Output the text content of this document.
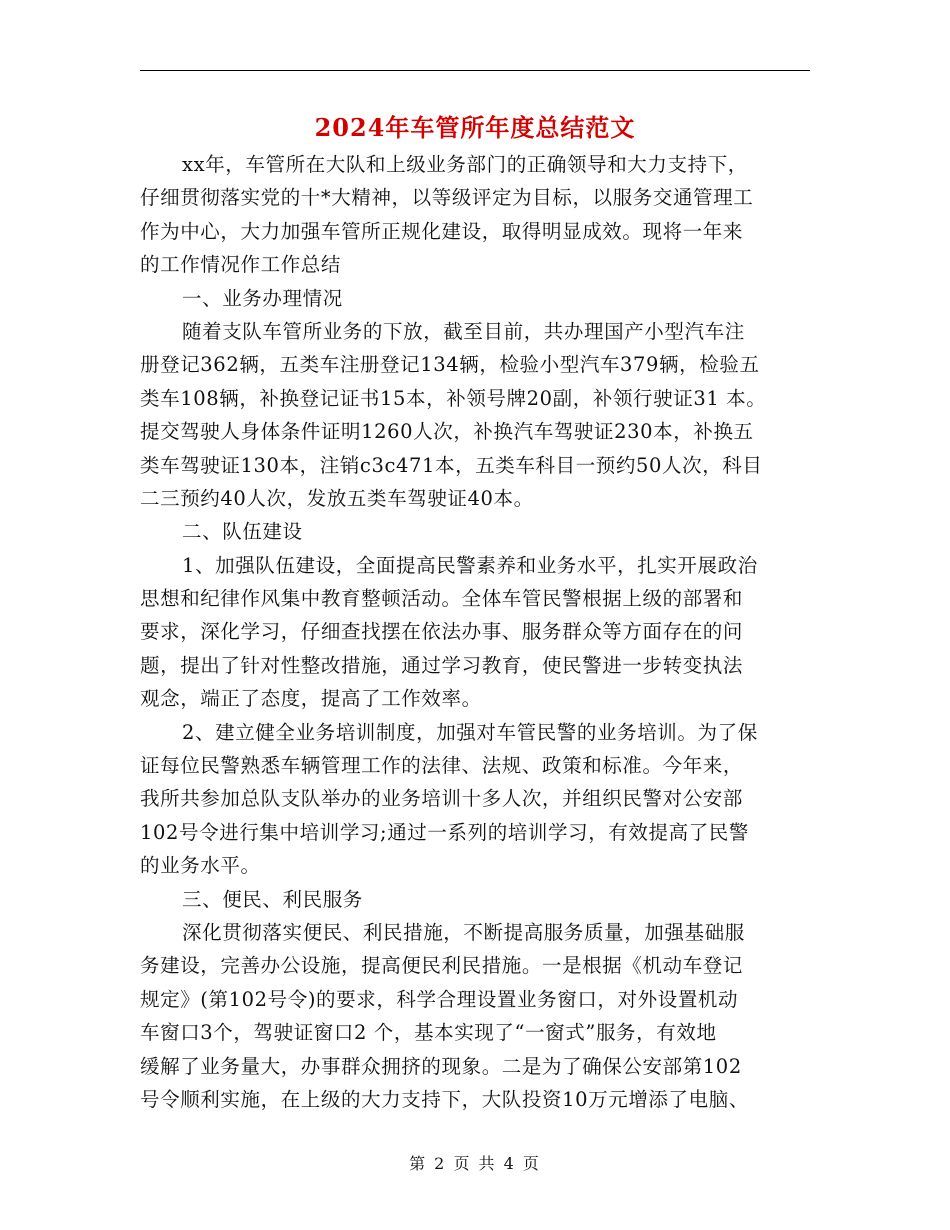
2024年车管所年度总结范文
xx年，车管所在大队和上级业务部门的正确领导和大力支持下，
仔细贯彻落实党的十*大精神，以等级评定为目标，以服务交通管理工
作为中心，大力加强车管所正规化建设，取得明显成效。现将一年来
的工作情况作工作总结
一、业务办理情况
随着支队车管所业务的下放，截至目前，共办理国产小型汽车注
册登记362辆，五类车注册登记134辆，检验小型汽车379辆，检验五
类车108辆，补换登记证书15本，补领号牌20副，补领行驶证31 本。
提交驾驶人身体条件证明1260人次，补换汽车驾驶证230本，补换五
类车驾驶证130本，注销c3c471本，五类车科目一预约50人次，科目
二三预约40人次，发放五类车驾驶证40本。
二、队伍建设
1、加强队伍建设，全面提高民警素养和业务水平，扎实开展政治
思想和纪律作风集中教育整顿活动。全体车管民警根据上级的部署和
要求，深化学习，仔细查找摆在依法办事、服务群众等方面存在的问
题，提出了针对性整改措施，通过学习教育，使民警进一步转变执法
观念，端正了态度，提高了工作效率。
2、建立健全业务培训制度，加强对车管民警的业务培训。为了保
证每位民警熟悉车辆管理工作的法律、法规、政策和标准。今年来，
我所共参加总队支队举办的业务培训十多人次，并组织民警对公安部
102号令进行集中培训学习;通过一系列的培训学习，有效提高了民警
的业务水平。
三、便民、利民服务
深化贯彻落实便民、利民措施，不断提高服务质量，加强基础服
务建设，完善办公设施，提高便民利民措施。一是根据《机动车登记
规定》(第102号令)的要求，科学合理设置业务窗口，对外设置机动
车窗口3个，驾驶证窗口2 个，基本实现了“一窗式”服务，有效地
缓解了业务量大，办事群众拥挤的现象。二是为了确保公安部第102
号令顺利实施，在上级的大力支持下，大队投资10万元增添了电脑、
第 2 页 共 4 页
